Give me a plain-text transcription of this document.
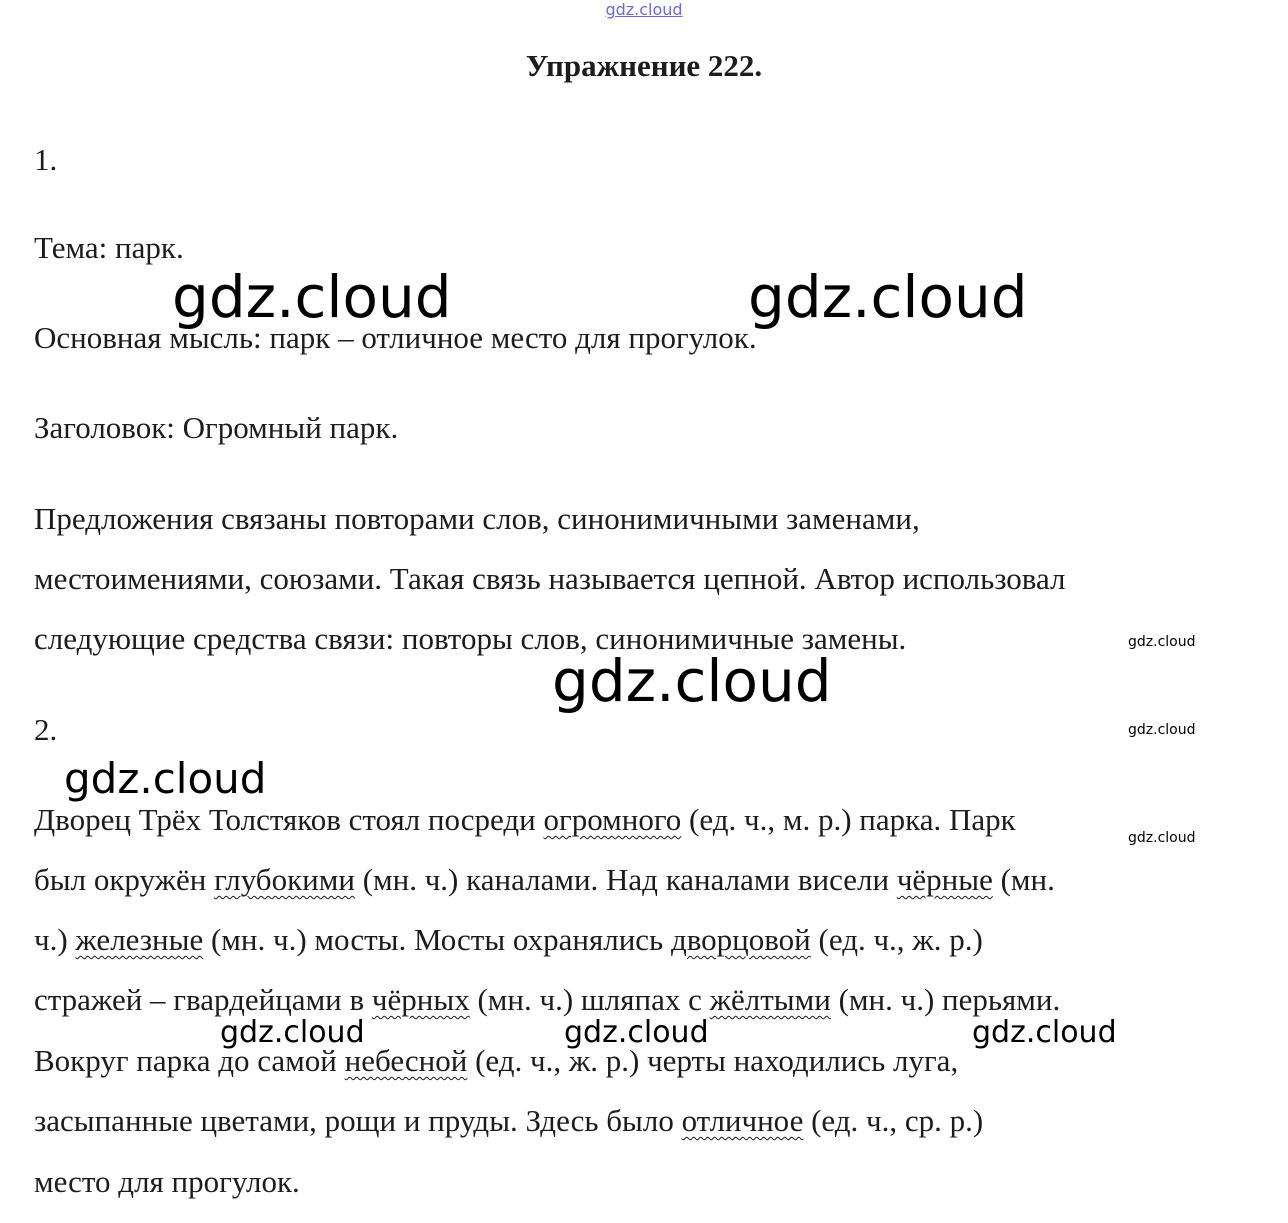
gdz.cloud
Упражнение 222.
1.
Тема: парк.
Основная мысль: парк – отличное место для прогулок.
Заголовок: Огромный парк.
Предложения связаны повторами слов, синонимичными заменами,
местоимениями, союзами. Такая связь называется цепной. Автор использовал
следующие средства связи: повторы слов, синонимичные замены.
2.
Дворец Трёх Толстяков стоял посреди огромного (ед. ч., м. р.) парка. Парк
был окружён глубокими (мн. ч.) каналами. Над каналами висели чёрные (мн.
ч.) железные (мн. ч.) мосты. Мосты охранялись дворцовой (ед. ч., ж. р.)
стражей – гвардейцами в чёрных (мн. ч.) шляпах с жёлтыми (мн. ч.) перьями.
Вокруг парка до самой небесной (ед. ч., ж. р.) черты находились луга,
засыпанные цветами, рощи и пруды. Здесь было отличное (ед. ч., ср. р.)
место для прогулок.
gdz.cloud	gdz.cloud
gdz.cloud
gdz.cloud
gdz.cloud	gdz.cloud	gdz.cloud
gdz.cloud
gdz.cloud
gdz.cloud
